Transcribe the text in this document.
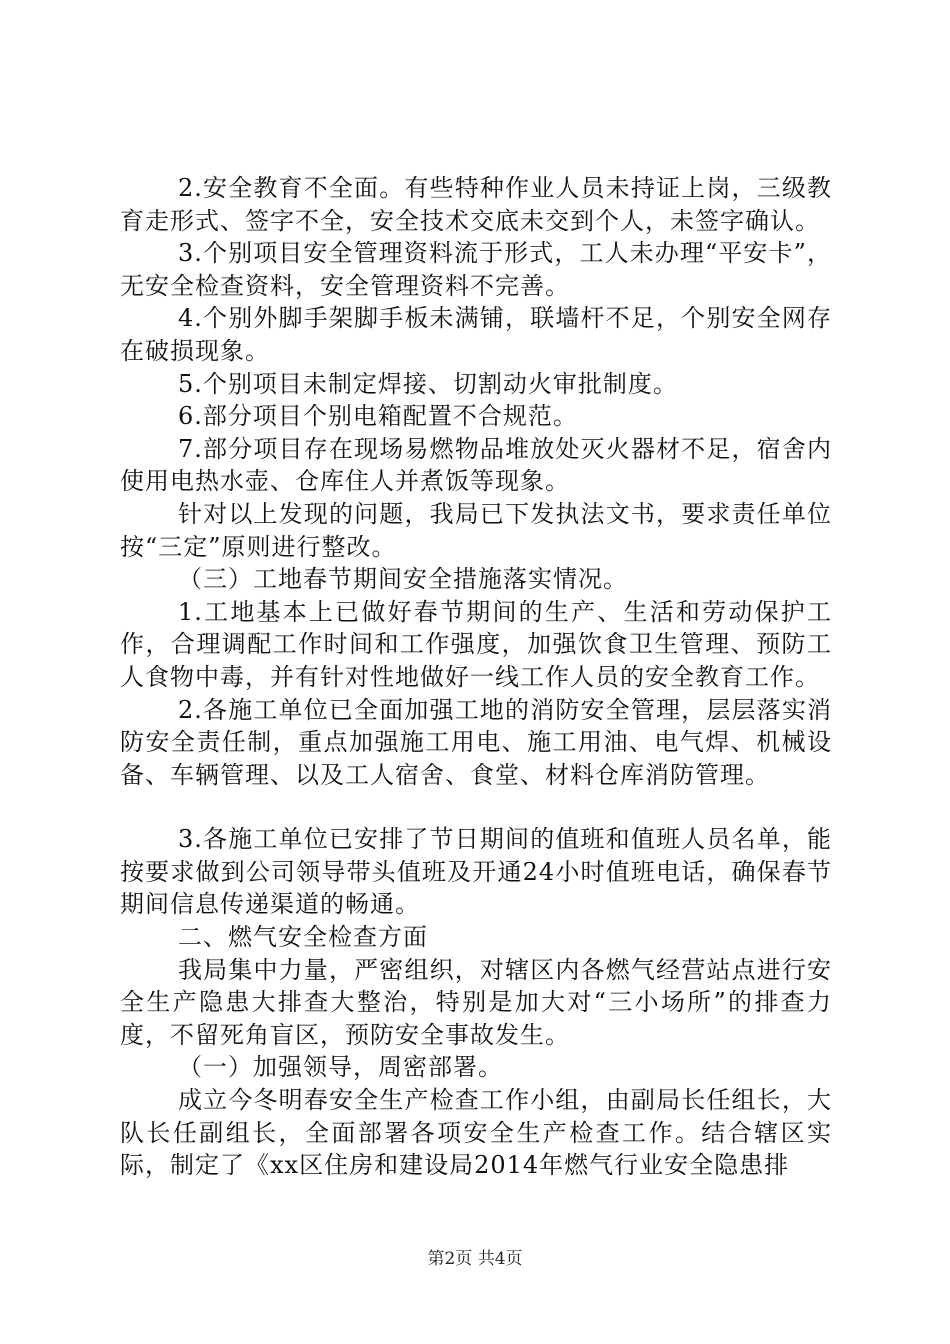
2.安全教育不全面。有些特种作业人员未持证上岗，三级教育走形式、签字不全，安全技术交底未交到个人，未签字确认。

3.个别项目安全管理资料流于形式，工人未办理“平安卡”，无安全检查资料，安全管理资料不完善。

4.个别外脚手架脚手板未满铺，联墙杆不足，个别安全网存在破损现象。

5.个别项目未制定焊接、切割动火审批制度。

6.部分项目个别电箱配置不合规范。

7.部分项目存在现场易燃物品堆放处灭火器材不足，宿舍内使用电热水壶、仓库住人并煮饭等现象。

针对以上发现的问题，我局已下发执法文书，要求责任单位按“三定”原则进行整改。

（三）工地春节期间安全措施落实情况。

1.工地基本上已做好春节期间的生产、生活和劳动保护工作，合理调配工作时间和工作强度，加强饮食卫生管理、预防工人食物中毒，并有针对性地做好一线工作人员的安全教育工作。

2.各施工单位已全面加强工地的消防安全管理，层层落实消防安全责任制，重点加强施工用电、施工用油、电气焊、机械设备、车辆管理、以及工人宿舍、食堂、材料仓库消防管理。

3.各施工单位已安排了节日期间的值班和值班人员名单，能按要求做到公司领导带头值班及开通24小时值班电话，确保春节期间信息传递渠道的畅通。

二、燃气安全检查方面

我局集中力量，严密组织，对辖区内各燃气经营站点进行安全生产隐患大排查大整治，特别是加大对“三小场所”的排查力度，不留死角盲区，预防安全事故发生。

（一）加强领导，周密部署。

成立今冬明春安全生产检查工作小组，由副局长任组长，大队长任副组长，全面部署各项安全生产检查工作。结合辖区实际，制定了《xx区住房和建设局2014年燃气行业安全隐患排

第2页 共4页
